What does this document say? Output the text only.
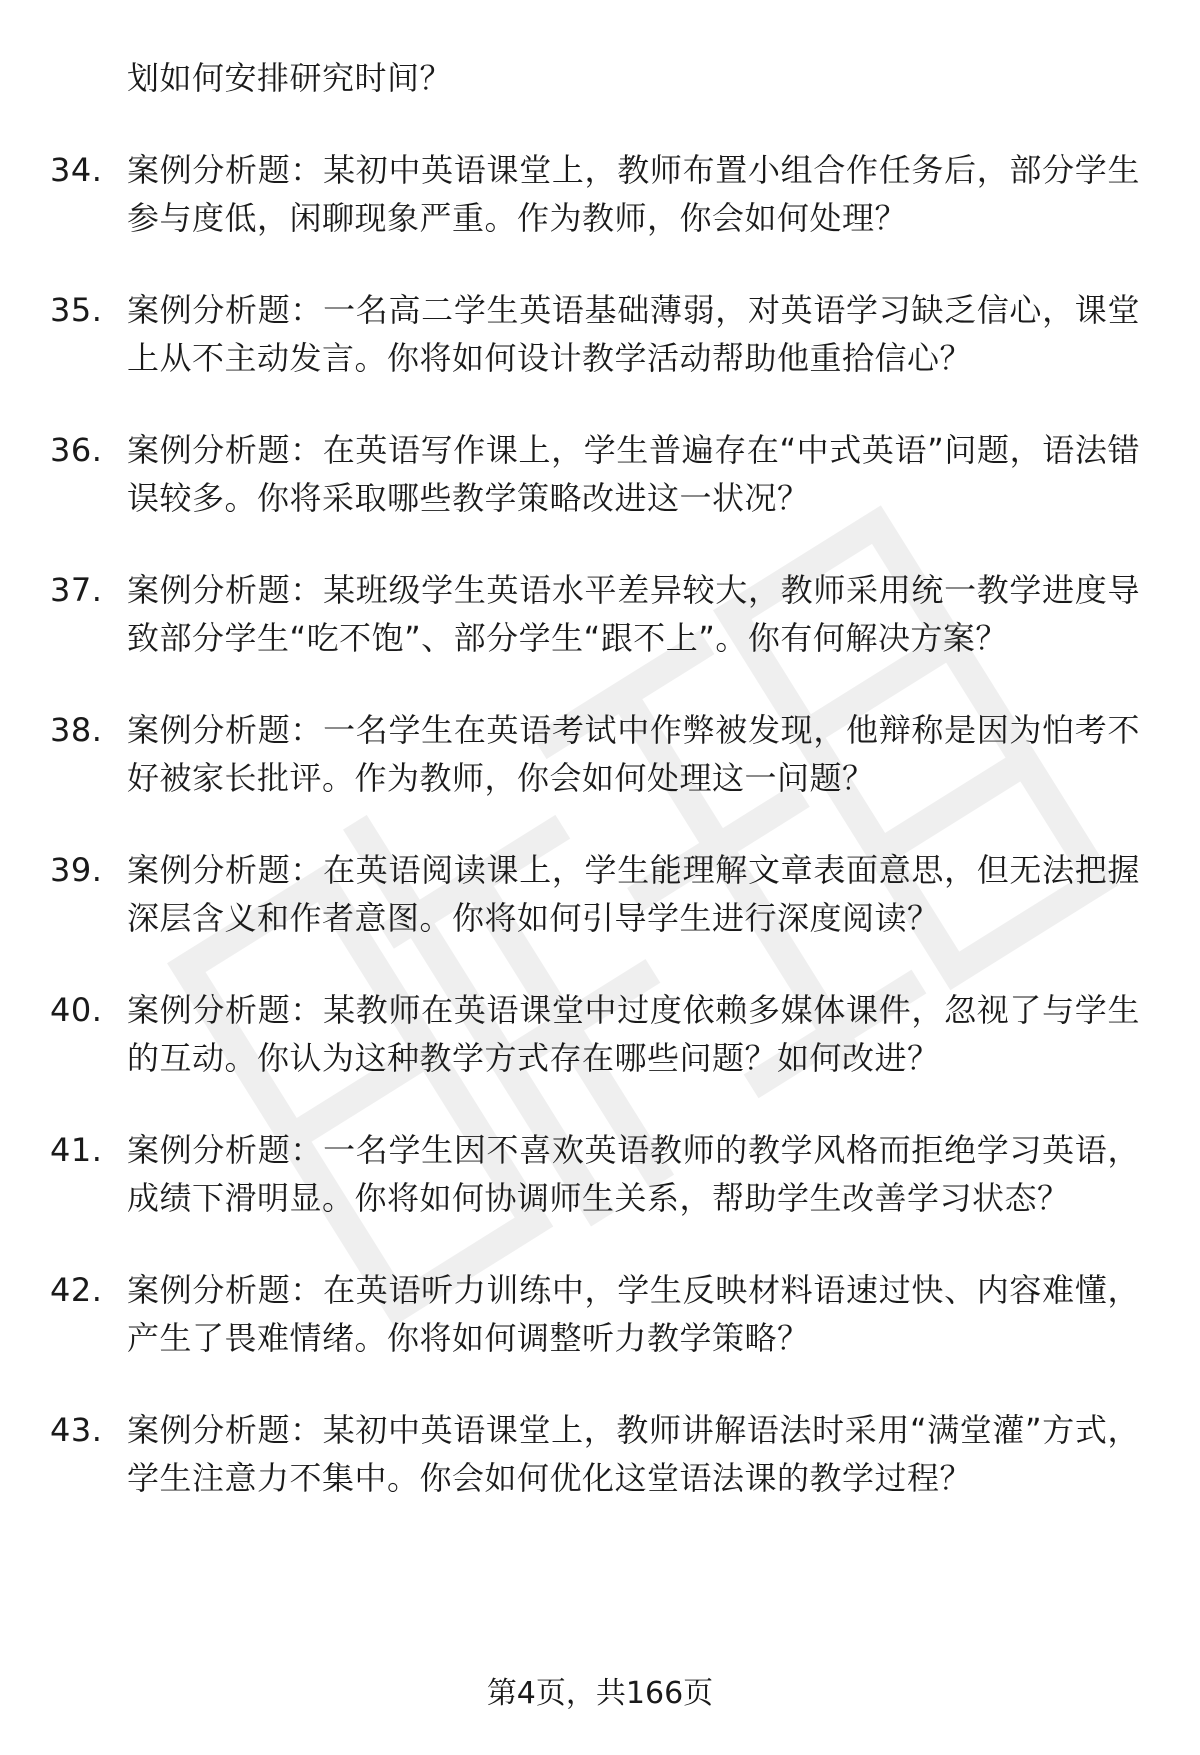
划如何安排研究时间？
34. 案例分析题：某初中英语课堂上，教师布置小组合作任务后，部分学生参与度低，闲聊现象严重。作为教师，你会如何处理？
35. 案例分析题：一名高二学生英语基础薄弱，对英语学习缺乏信心，课堂上从不主动发言。你将如何设计教学活动帮助他重拾信心？
36. 案例分析题：在英语写作课上，学生普遍存在“中式英语”问题，语法错误较多。你将采取哪些教学策略改进这一状况？
37. 案例分析题：某班级学生英语水平差异较大，教师采用统一教学进度导致部分学生“吃不饱”、部分学生“跟不上”。你有何解决方案？
38. 案例分析题：一名学生在英语考试中作弊被发现，他辩称是因为怕考不好被家长批评。作为教师，你会如何处理这一问题？
39. 案例分析题：在英语阅读课上，学生能理解文章表面意思，但无法把握深层含义和作者意图。你将如何引导学生进行深度阅读？
40. 案例分析题：某教师在英语课堂中过度依赖多媒体课件，忽视了与学生的互动。你认为这种教学方式存在哪些问题？如何改进？
41. 案例分析题：一名学生因不喜欢英语教师的教学风格而拒绝学习英语，成绩下滑明显。你将如何协调师生关系，帮助学生改善学习状态？
42. 案例分析题：在英语听力训练中，学生反映材料语速过快、内容难懂，产生了畏难情绪。你将如何调整听力教学策略？
43. 案例分析题：某初中英语课堂上，教师讲解语法时采用“满堂灌”方式，学生注意力不集中。你会如何优化这堂语法课的教学过程？
第4页，共166页
